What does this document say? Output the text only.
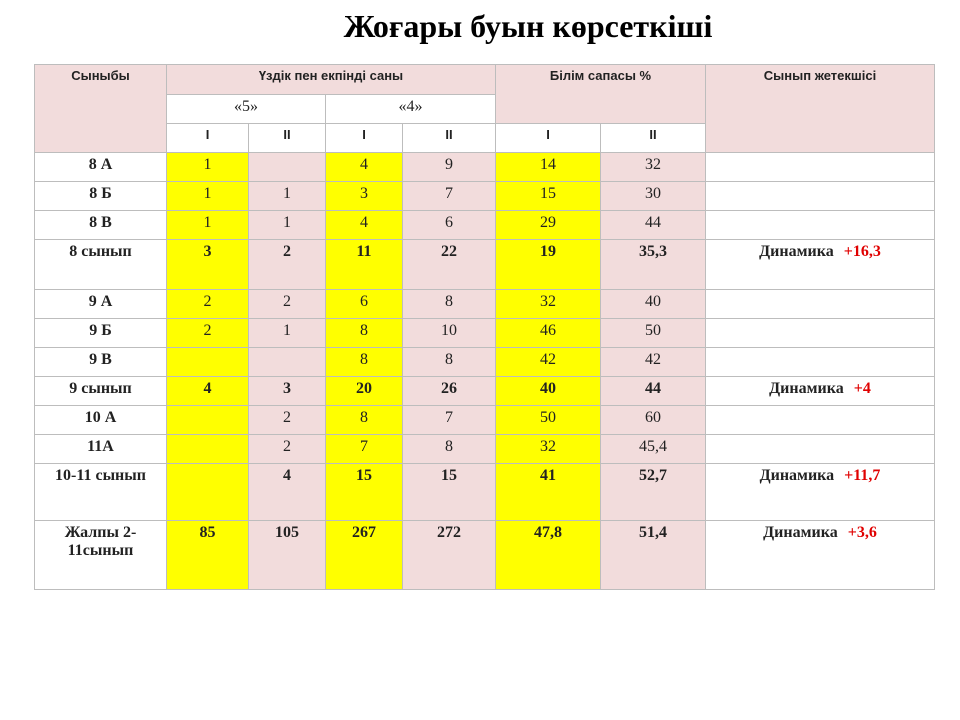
Жоғары буын көрсеткіші
Сыныбы	Үздік пен екпінді саны				Білім сапасы %		Сынып жетекшісі
	«5»		«4»				
	І	ІІ	І	ІІ	І	ІІ	
8 А	1		4	9	14	32	
8 Б	1	1	3	7	15	30	
8 В	1	1	4	6	29	44	
8 сынып	3	2	11	22	19	35,3	Динамика +16,3
9 А	2	2	6	8	32	40	
9 Б	2	1	8	10	46	50	
9 В			8	8	42	42	
9 сынып	4	3	20	26	40	44	Динамика +4
10 А		2	8	7	50	60	
11А		2	7	8	32	45,4	
10-11 сынып		4	15	15	41	52,7	Динамика +11,7
Жалпы 2-11сынып	85	105	267	272	47,8	51,4	Динамика +3,6
